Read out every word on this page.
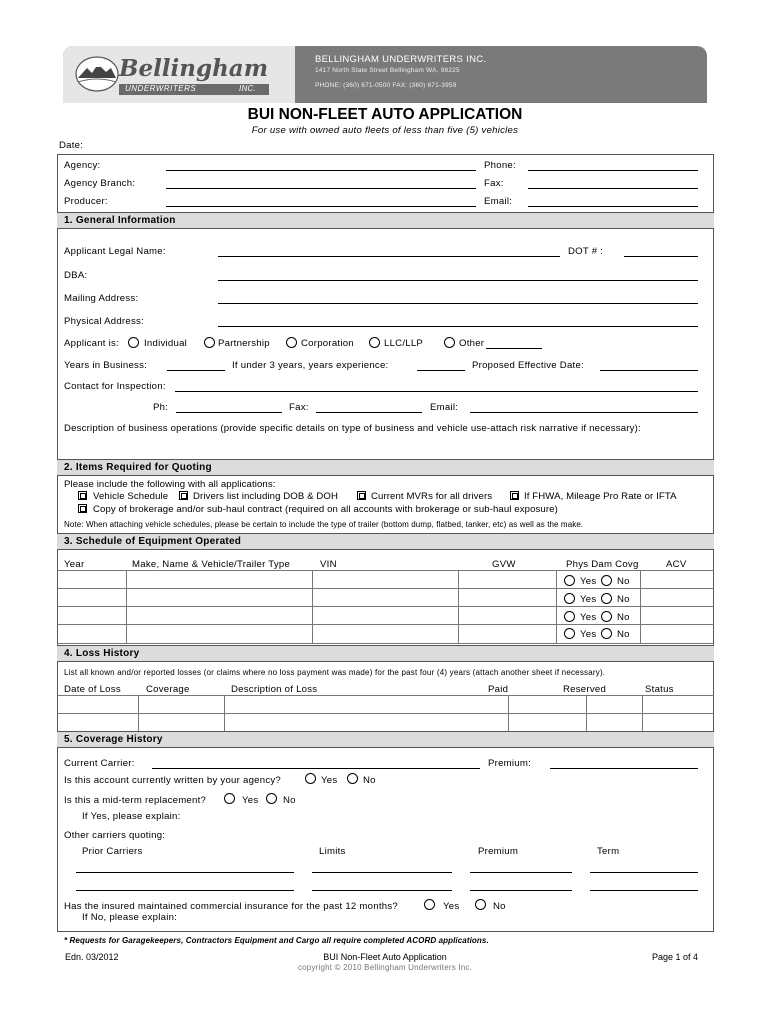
Bellingham
UNDERWRITERS	INC.
BELLINGHAM UNDERWRITERS INC.
1417 North State Street Bellingham WA, 98225
PHONE: (360) 671-0500 FAX: (360) 671-3959
BUI NON-FLEET AUTO APPLICATION
For use with owned auto fleets of less than five (5) vehicles
Date:
Agency:	Phone:
Agency Branch:	Fax:
Producer:	Email:
1. General Information
Applicant Legal Name:	DOT # :
DBA:
Mailing Address:
Physical Address:
Applicant is:	Individual	Partnership	Corporation	LLC/LLP	Other
Years in Business:	If under 3 years, years experience:	Proposed Effective Date:
Contact for Inspection:
Ph:	Fax:	Email:
Description of business operations (provide specific details on type of business and vehicle use-attach risk narrative if necessary):
2. Items Required for Quoting
Please include the following with all applications:
Vehicle Schedule	Drivers list including DOB & DOH	Current MVRs for all drivers	If FHWA, Mileage Pro Rate or IFTA
Copy of brokerage and/or sub-haul contract (required on all accounts with brokerage or sub-haul exposure)
Note: When attaching vehicle schedules, please be certain to include the type of trailer (bottom dump, flatbed, tanker, etc) as well as the make.
3. Schedule of Equipment Operated
Year	Make, Name & Vehicle/Trailer Type	VIN	GVW	Phys Dam Covg	ACV
Yes No
Yes No
Yes No
Yes No
4. Loss History
List all known and/or reported losses (or claims where no loss payment was made) for the past four (4) years (attach another sheet if necessary).
Date of Loss	Coverage	Description of Loss	Paid	Reserved	Status
5. Coverage History
Current Carrier:	Premium:
Is this account currently written by your agency?	Yes	No
Is this a mid-term replacement?	Yes	No
If Yes, please explain:
Other carriers quoting:
Prior Carriers	Limits	Premium	Term
Has the insured maintained commercial insurance for the past 12 months?	Yes	No
If No, please explain:
* Requests for Garagekeepers, Contractors Equipment and Cargo all require completed ACORD applications.
Edn. 03/2012	BUI Non-Fleet Auto Application	Page 1 of 4
copyright © 2010 Bellingham Underwriters Inc.
